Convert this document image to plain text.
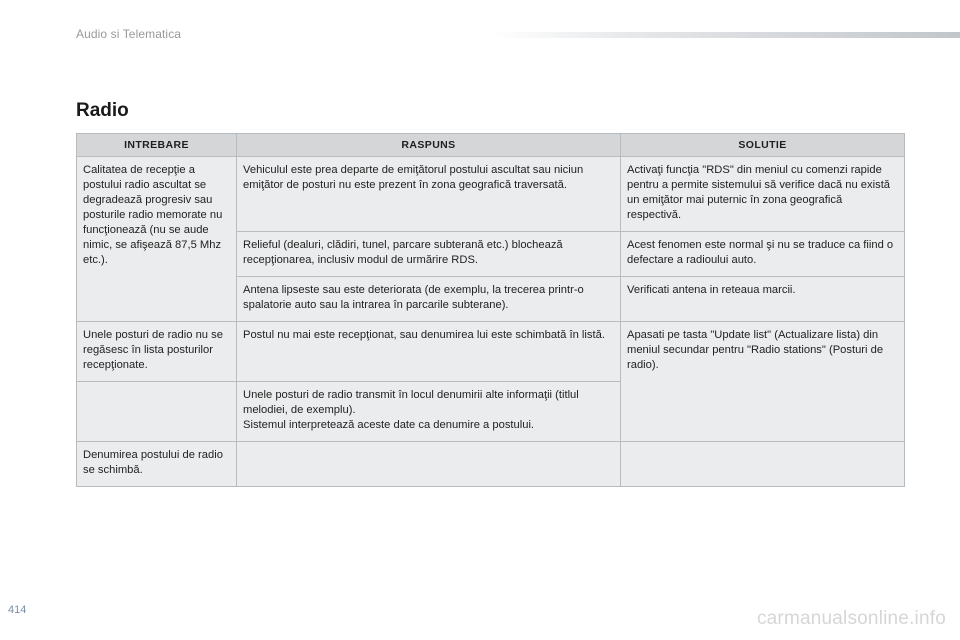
Audio si Telematica
Radio
INTREBARE	RASPUNS	SOLUTIE
Calitatea de recepţie a postului radio ascultat se degradează progresiv sau posturile radio memorate nu funcţionează (nu se aude nimic, se afişează 87,5 Mhz etc.).	Vehiculul este prea departe de emiţătorul postului ascultat sau niciun emiţător de posturi nu este prezent în zona geografică traversată.	Activaţi funcţia "RDS" din meniul cu comenzi rapide pentru a permite sistemului să verifice dacă nu există un emiţător mai puternic în zona geografică respectivă.
	Relieful (dealuri, clădiri, tunel, parcare subterană etc.) blochează recepţionarea, inclusiv modul de urmărire RDS.	Acest fenomen este normal şi nu se traduce ca fiind o defectare a radioului auto.
	Antena lipseste sau este deteriorata (de exemplu, la trecerea printr-o spalatorie auto sau la intrarea în parcarile subterane).	Verificati antena in reteaua marcii.
Unele posturi de radio nu se regăsesc în lista posturilor recepţionate.	Postul nu mai este recepţionat, sau denumirea lui este schimbată în listă.	Apasati pe tasta "Update list" (Actualizare lista) din meniul secundar pentru "Radio stations" (Posturi de radio).

	Unele posturi de radio transmit în locul denumirii alte informaţii (titlul melodiei, de exemplu).
Sistemul interpretează aceste date ca denumire a postului.	

Denumirea postului de radio se schimbă.		
414	carmanualsonline.info
